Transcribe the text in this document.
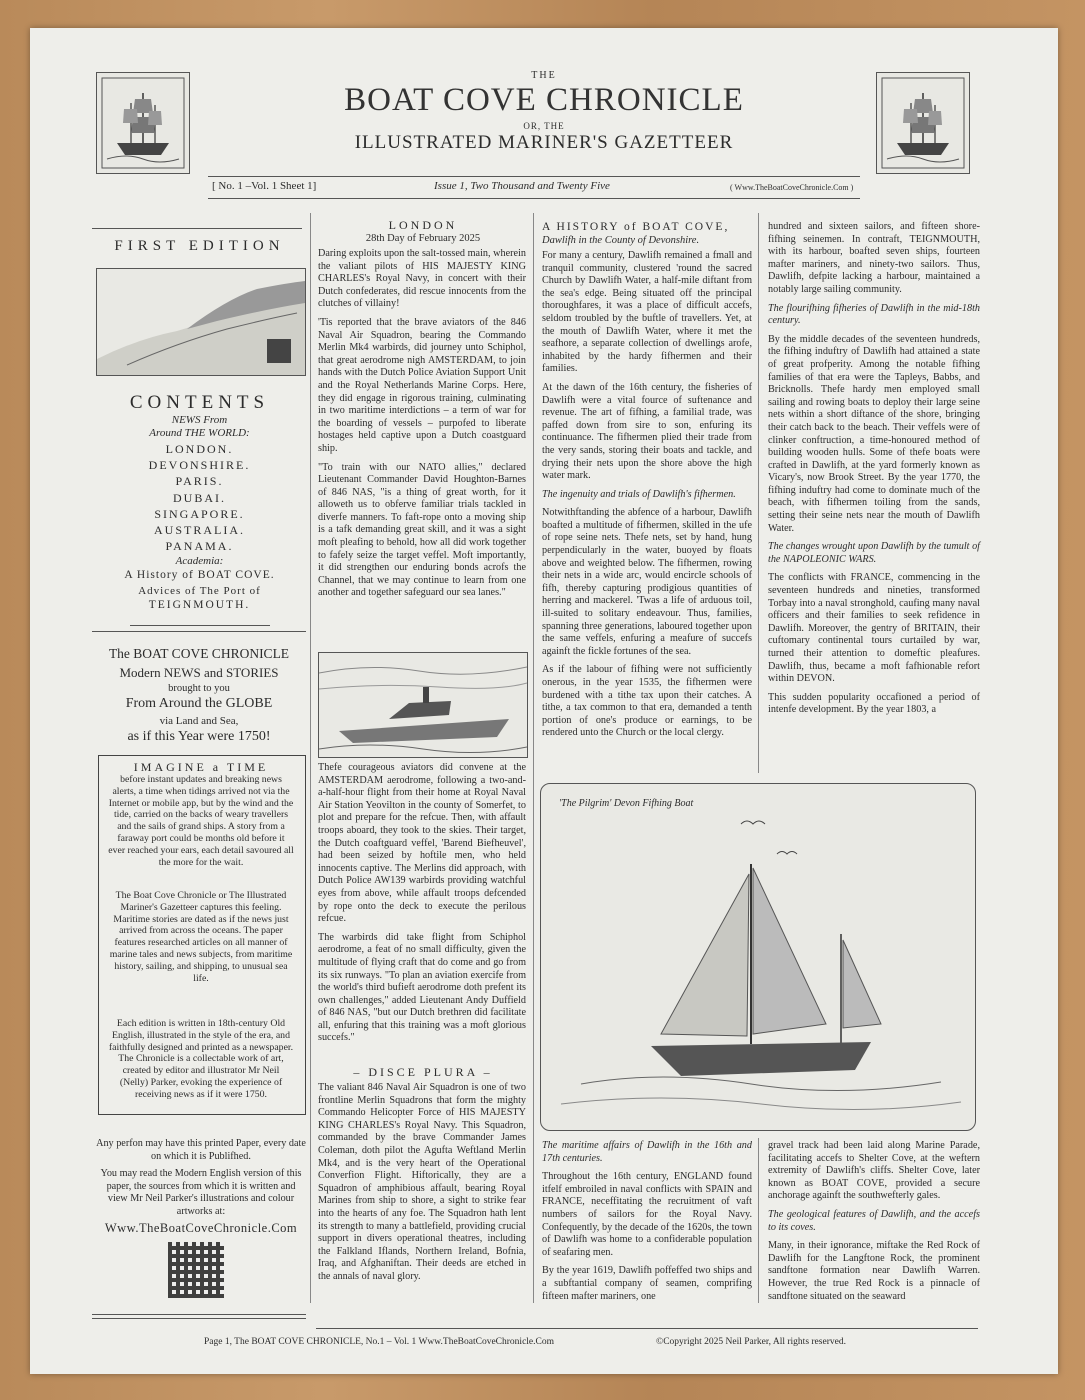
THE
BOAT COVE CHRONICLE
OR, THE
ILLUSTRATED MARINER'S GAZETTEER
[ No. 1 –Vol. 1 Sheet 1]	Issue 1, Two Thousand and Twenty Five	( Www.TheBoatCoveChronicle.Com )
FIRST EDITION
CONTENTS
NEWS From
Around THE WORLD:
LONDON.
DEVONSHIRE.
PARIS.
DUBAI.
SINGAPORE.
AUSTRALIA.
PANAMA.
Academia:
A History of BOAT COVE.
Advices of The Port of
TEIGNMOUTH.
The BOAT COVE CHRONICLE
Modern NEWS and STORIES
brought to you
From Around the GLOBE
via Land and Sea,
as if this Year were 1750!
IMAGINE a TIME
before instant updates and breaking news alerts, a time when tidings arrived not via the Internet or mobile app, but by the wind and the tide, carried on the backs of weary travellers and the sails of grand ships. A story from a faraway port could be months old before it ever reached your ears, each detail savoured all the more for the wait.
The Boat Cove Chronicle or The Illustrated Mariner's Gazetteer captures this feeling. Maritime stories are dated as if the news just arrived from across the oceans. The paper features researched articles on all manner of marine tales and news subjects, from maritime history, sailing, and shipping, to unusual sea life.
Each edition is written in 18th-century Old English, illustrated in the style of the era, and faithfully designed and printed as a newspaper. The Chronicle is a collectable work of art, created by editor and illustrator Mr Neil (Nelly) Parker, evoking the experience of receiving news as if it were 1750.
Any perfon may have this printed Paper, every date on which it is Publifhed.
You may read the Modern English version of this paper, the sources from which it is written and view Mr Neil Parker's illustrations and colour artworks at:
Www.TheBoatCoveChronicle.Com
LONDON
28th Day of February 2025

Daring exploits upon the salt-tossed main, wherein the valiant pilots of HIS MAJESTY KING CHARLES's Royal Navy, in concert with their Dutch confederates, did rescue innocents from the clutches of villainy!

'Tis reported that the brave aviators of the 846 Naval Air Squadron, bearing the Commando Merlin Mk4 warbirds, did journey unto Schiphol, that great aerodrome nigh AMSTERDAM, to join hands with the Dutch Police Aviation Support Unit and the Royal Netherlands Marine Corps. Here, they did engage in rigorous training, culminating in two maritime interdictions – a term of war for the boarding of vessels – purpofed to liberate hostages held captive upon a Dutch coastguard ship.

"To train with our NATO allies," declared Lieutenant Commander David Houghton-Barnes of 846 NAS, "is a thing of great worth, for it alloweth us to obferve familiar trials tackled in diverfe manners. To faft-rope onto a moving ship is a tafk demanding great skill, and it was a sight moft pleafing to behold, how all did work together to fafely seize the target veffel. Moft importantly, it did strengthen our enduring bonds acrofs the Channel, that we may continue to learn from one another and together safeguard our sea lanes."

Thefe courageous aviators did convene at the AMSTERDAM aerodrome, following a two-and-a-half-hour flight from their home at Royal Naval Air Station Yeovilton in the county of Somerfet, to plot and prepare for the refcue. Then, with affault troops aboard, they took to the skies. Their target, the Dutch coaftguard veffel, 'Barend Biefheuvel', had been seized by hoftile men, who held innocents captive. The Merlins did approach, with Dutch Police AW139 warbirds providing watchful eyes from above, while affault troops defcended by rope onto the deck to execute the perilous refcue.

The warbirds did take flight from Schiphol aerodrome, a feat of no small difficulty, given the multitude of flying craft that do come and go from its six runways. "To plan an aviation exercife from the world's third bufieft aerodrome doth prefent its own challenges," added Lieutenant Andy Duffield of 846 NAS, "but our Dutch brethren did facilitate all, enfuring that this training was a moft glorious succefs."

– DISCE PLURA –
The valiant 846 Naval Air Squadron is one of two frontline Merlin Squadrons that form the mighty Commando Helicopter Force of HIS MAJESTY KING CHARLES's Royal Navy. This Squadron, commanded by the brave Commander James Coleman, doth pilot the Agufta Weftland Merlin Mk4, and is the very heart of the Operational Converfion Flight. Hiftorically, they are a Squadron of amphibious affault, bearing Royal Marines from ship to shore, a sight to strike fear into the hearts of any foe. The Squadron hath lent its strength to many a battlefield, providing crucial support in divers operational theatres, including the Falkland Iflands, Northern Ireland, Bofnia, Iraq, and Afghaniftan. Their deeds are etched in the annals of naval glory.
A HISTORY of BOAT COVE,
Dawlifh in the County of Devonshire.

For many a century, Dawlifh remained a fmall and tranquil community, clustered 'round the sacred Church by Dawlifh Water, a half-mile diftant from the sea's edge. Being situated off the principal thoroughfares, it was a place of difficult accefs, seldom troubled by the buftle of travellers. Yet, at the mouth of Dawlifh Water, where it met the seafhore, a separate collection of dwellings arofe, inhabited by the hardy fifhermen and their families.

At the dawn of the 16th century, the fisheries of Dawlifh were a vital fource of suftenance and revenue. The art of fifhing, a familial trade, was paffed down from sire to son, enfuring its continuance. The fifhermen plied their trade from the very sands, storing their boats and tackle, and drying their nets upon the shore above the high water mark.

The ingenuity and trials of Dawlifh's fifhermen.

Notwithftanding the abfence of a harbour, Dawlifh boafted a multitude of fifhermen, skilled in the ufe of rope seine nets. Thefe nets, set by hand, hung perpendicularly in the water, buoyed by floats above and weighted below. The fifhermen, rowing their nets in a wide arc, would encircle schools of fifh, thereby capturing prodigious quantities of herring and mackerel. 'Twas a life of arduous toil, ill-suited to solitary endeavour. Thus, families, spanning three generations, laboured together upon the same veffels, enfuring a meafure of succefs againft the fickle fortunes of the sea.

As if the labour of fifhing were not sufficiently onerous, in the year 1535, the fifhermen were burdened with a tithe tax upon their catches. A tithe, a tax common to that era, demanded a tenth portion of one's produce or earnings, to be rendered unto the Church or the local clergy.

'The Pilgrim' Devon Fifhing Boat

The maritime affairs of Dawlifh in the 16th and 17th centuries.

Throughout the 16th century, ENGLAND found itfelf embroiled in naval conflicts with SPAIN and FRANCE, neceffitating the recruitment of vaft numbers of sailors for the Royal Navy. Confequently, by the decade of the 1620s, the town of Dawlifh was home to a confiderable population of seafaring men.

By the year 1619, Dawlifh poffeffed two ships and a subftantial company of seamen, comprifing fifteen mafter mariners, one

hundred and sixteen sailors, and fifteen shore-fifhing seinemen. In contraft, TEIGNMOUTH, with its harbour, boafted seven ships, fourteen mafter mariners, and ninety-two sailors. Thus, Dawlifh, defpite lacking a harbour, maintained a notably large sailing community.

The flourifhing fifheries of Dawlifh in the mid-18th century.

By the middle decades of the seventeen hundreds, the fifhing induftry of Dawlifh had attained a state of great profperity. Among the notable fifhing families of that era were the Tapleys, Babbs, and Bricknolls. Thefe hardy men employed small sailing and rowing boats to deploy their large seine nets within a short diftance of the shore, bringing their catch back to the beach. Their veffels were of clinker conftruction, a time-honoured method of building wooden hulls. Some of thefe boats were crafted in Dawlifh, at the yard formerly known as Vicary's, now Brook Street. By the year 1770, the fifhing induftry had come to dominate much of the beach, with fifhermen toiling from the sands, setting their seine nets near the mouth of Dawlifh Water.

The changes wrought upon Dawlifh by the tumult of the NAPOLEONIC WARS.

The conflicts with FRANCE, commencing in the seventeen hundreds and nineties, transformed Torbay into a naval stronghold, caufing many naval officers and their families to seek refidence in Dawlifh. Moreover, the gentry of BRITAIN, their cuftomary continental tours curtailed by war, turned their attention to domeftic pleafures. Dawlifh, thus, became a moft fafhionable refort within DEVON.

This sudden popularity occafioned a period of intenfe development. By the year 1803, a

gravel track had been laid along Marine Parade, facilitating accefs to Shelter Cove, at the weftern extremity of Dawlifh's cliffs. Shelter Cove, later known as BOAT COVE, provided a secure anchorage againft the southwefterly gales.

The geological features of Dawlifh, and the accefs to its coves.

Many, in their ignorance, miftake the Red Rock of Dawlifh for the Langftone Rock, the prominent sandftone formation near Dawlifh Warren. However, the true Red Rock is a pinnacle of sandftone situated on the seaward

Page 1, The BOAT COVE CHRONICLE, No.1 – Vol. 1 Www.TheBoatCoveChronicle.Com	©Copyright 2025 Neil Parker, All rights reserved.
